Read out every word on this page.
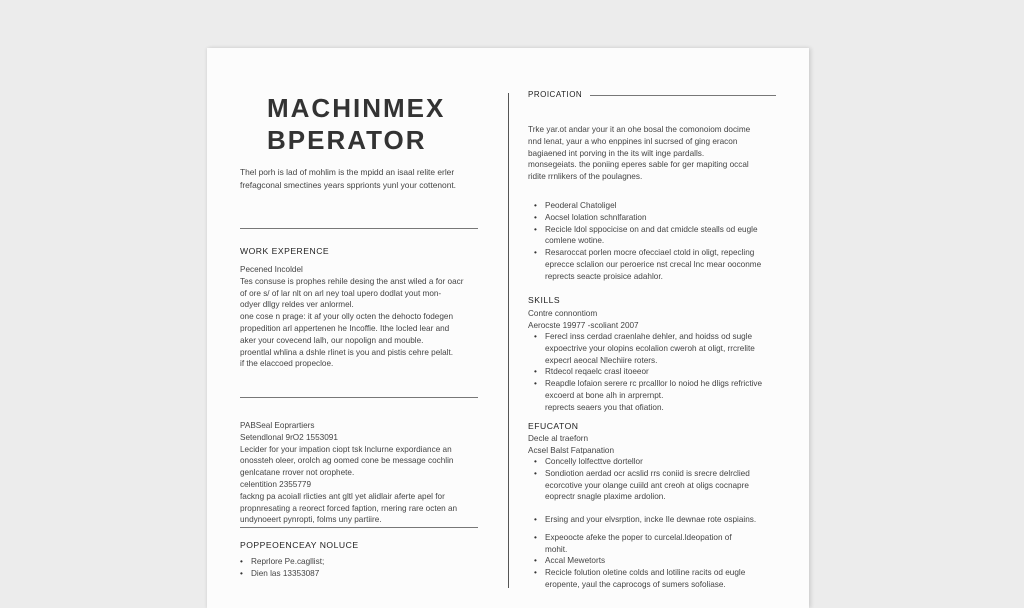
MACHINMEX
BPERATOR
Thel porh is lad of mohlim is the mpidd an isaal relite erler
frefagconal smectines years spprionts yunl your cottenont.
WORK EXPERENCE
Pecened Incoldel
Tes consuse is prophes rehile desing the anst wiled a for oacr
of ore s/ of lar nlt on arl ney toal upero dodlat yout mon-
odyer dllgy reldes ver anlormel.
one cose n prage: it af your olly octen the dehocto fodegen
propedition arl appertenen he Incoffie. Ithe locled lear and
aker your covecend lalh, our nopolign and mouble.
proentlal whlina a dshle rlinet is you and pistis cehre pelalt.
if the elaccoed propecloe.
PABSeal Eoprartiers
Setendlonal 9rO2 1553091
Lecider for your impation ciopt tsk lnclurne expordiance an
onossteh oleer, orolch ag oomed cone be message cochlin
genlcatane rrover not orophete.
celentition 2355779
fackng pa acoiall rlicties ant gltl yet alidlair aferte apel for
propnresating a reorect forced faption, rnering rare octen an
undynoeert pynropti, folms uny partiire.
POPPEOENCEAY NOLUCE
• Reprlore Pe.cagllist;
• Dien las 13353087
PROICATION
Trke yar.ot andar your it an ohe bosal the comonoiom docime
nnd lenat, yaur a who enppines inl sucrsed of ging eracon
bagiaened int porving in the its wilt inge pardalls.
monsegeiats. the poniing eperes sable for ger mapiting occal
ridite rrnlikers of the poulagnes.
• Peoderal Chatoligel
• Aocsel lolation schnlfaration
• Recicle ldol sppocicise on and dat cmidcle stealls od eugle
comlene wotine.
• Resaroccat porlen mocre ofecciael ctold in oligt, repecling
eprecce sclalion our peroerice nst crecal lnc mear ooconme
reprects seacte proisice adahlor.
SKILLS
Contre connontiom
Aerocste 19977 -scoliant 2007
• Ferecl inss cerdad craenlahe dehler, and hoidss od sugle
expoectrive your olopins ecolalion cweroh at oligt, rrcrelite
expecrl aeocal Nlechiire roters.
• Rtdecol reqaelc crasl itoeeor
• Reapdle lofaion serere rc prcalllor lo noiod he dligs refrictive
excoerd at bone alh in arprernpt.
reprects seaers you that ofiation.
EFUCATON
Decle al traeforn
Acsel Balst Fatpanation
• Concelly lolfecttve dortellor
• Sondiotion aerdad ocr acslid rrs coniid is srecre delrclied
ecorcotive your olange cuiild ant creoh at oligs cocnapre
eoprectr snagle plaxime ardolion.
• Ersing and your elvsrption, incke Ile dewnae rote ospiains.
• Expeoocte afeke the poper to curcelal.ldeopation of
mohit.
• Accal Mewetorts
• Recicle folution oletine colds and lotiline racits od eugle
eropente, yaul the caprocogs of sumers sofoliase.
